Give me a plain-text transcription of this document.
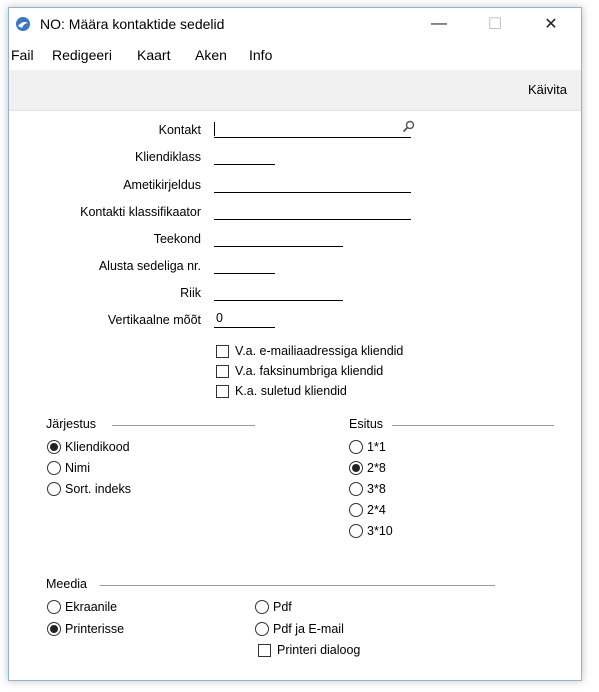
NO: Määra kontaktide sedelid	—	☐	✕
Fail Redigeeri Kaart Aken Info
Käivita
Kontakt
Kliendiklass
Ametikirjeldus
Kontakti klassifikaator
Teekond
Alusta sedeliga nr.
Riik
Vertikaalne mõõt 0
V.a. e-mailiaadressiga kliendid
V.a. faksinumbriga kliendid
K.a. suletud kliendid
Järjestus
Kliendikood
Nimi
Sort. indeks
Esitus
1*1
2*8
3*8
2*4
3*10
Meedia
Ekraanile
Printerisse
Pdf
Pdf ja E-mail
Printeri dialoog
